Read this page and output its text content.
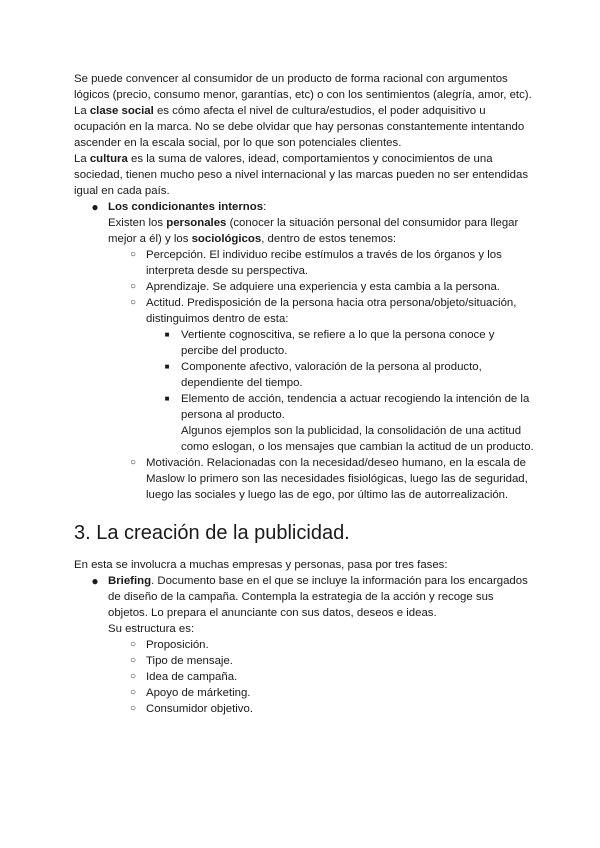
Se puede convencer al consumidor de un producto de forma racional con argumentos lógicos (precio, consumo menor, garantías, etc) o con los sentimientos (alegría, amor, etc).

La clase social es cómo afecta el nivel de cultura/estudios, el poder adquisitivo u ocupación en la marca. No se debe olvidar que hay personas constantemente intentando ascender en la escala social, por lo que son potenciales clientes.

La cultura es la suma de valores, idead, comportamientos y conocimientos de una sociedad, tienen mucho peso a nivel internacional y las marcas pueden no ser entendidas igual en cada país.

● Los condicionantes internos:

Existen los personales (conocer la situación personal del consumidor para llegar mejor a él) y los sociológicos, dentro de estos tenemos:

○ Percepción. El individuo recibe estímulos a través de los órganos y los interpreta desde su perspectiva.
○ Aprendizaje. Se adquiere una experiencia y esta cambia a la persona.
○ Actitud. Predisposición de la persona hacia otra persona/objeto/situación, distinguimos dentro de esta:
■	Vertiente cognoscitiva, se refiere a lo que la persona conoce y percibe del producto.
■	Componente afectivo, valoración de la persona al producto, dependiente del tiempo.
■	Elemento de acción, tendencia a actuar recogiendo la intención de la persona al producto.

Algunos ejemplos son la publicidad, la consolidación de una actitud como eslogan, o los mensajes que cambian la actitud de un producto.

○ Motivación. Relacionadas con la necesidad/deseo humano, en la escala de Maslow lo primero son las necesidades fisiológicas, luego las de seguridad, luego las sociales y luego las de ego, por último las de autorrealización.
3. La creación de la publicidad.

En esta se involucra a muchas empresas y personas, pasa por tres fases:

● Briefing. Documento base en el que se incluye la información para los encargados de diseño de la campaña. Contempla la estrategia de la acción y recoge sus objetos. Lo prepara el anunciante con sus datos, deseos e ideas.

Su estructura es:

○ Proposición.
○ Tipo de mensaje.
○ Idea de campaña.
○ Apoyo de márketing.
○ Consumidor objetivo.
